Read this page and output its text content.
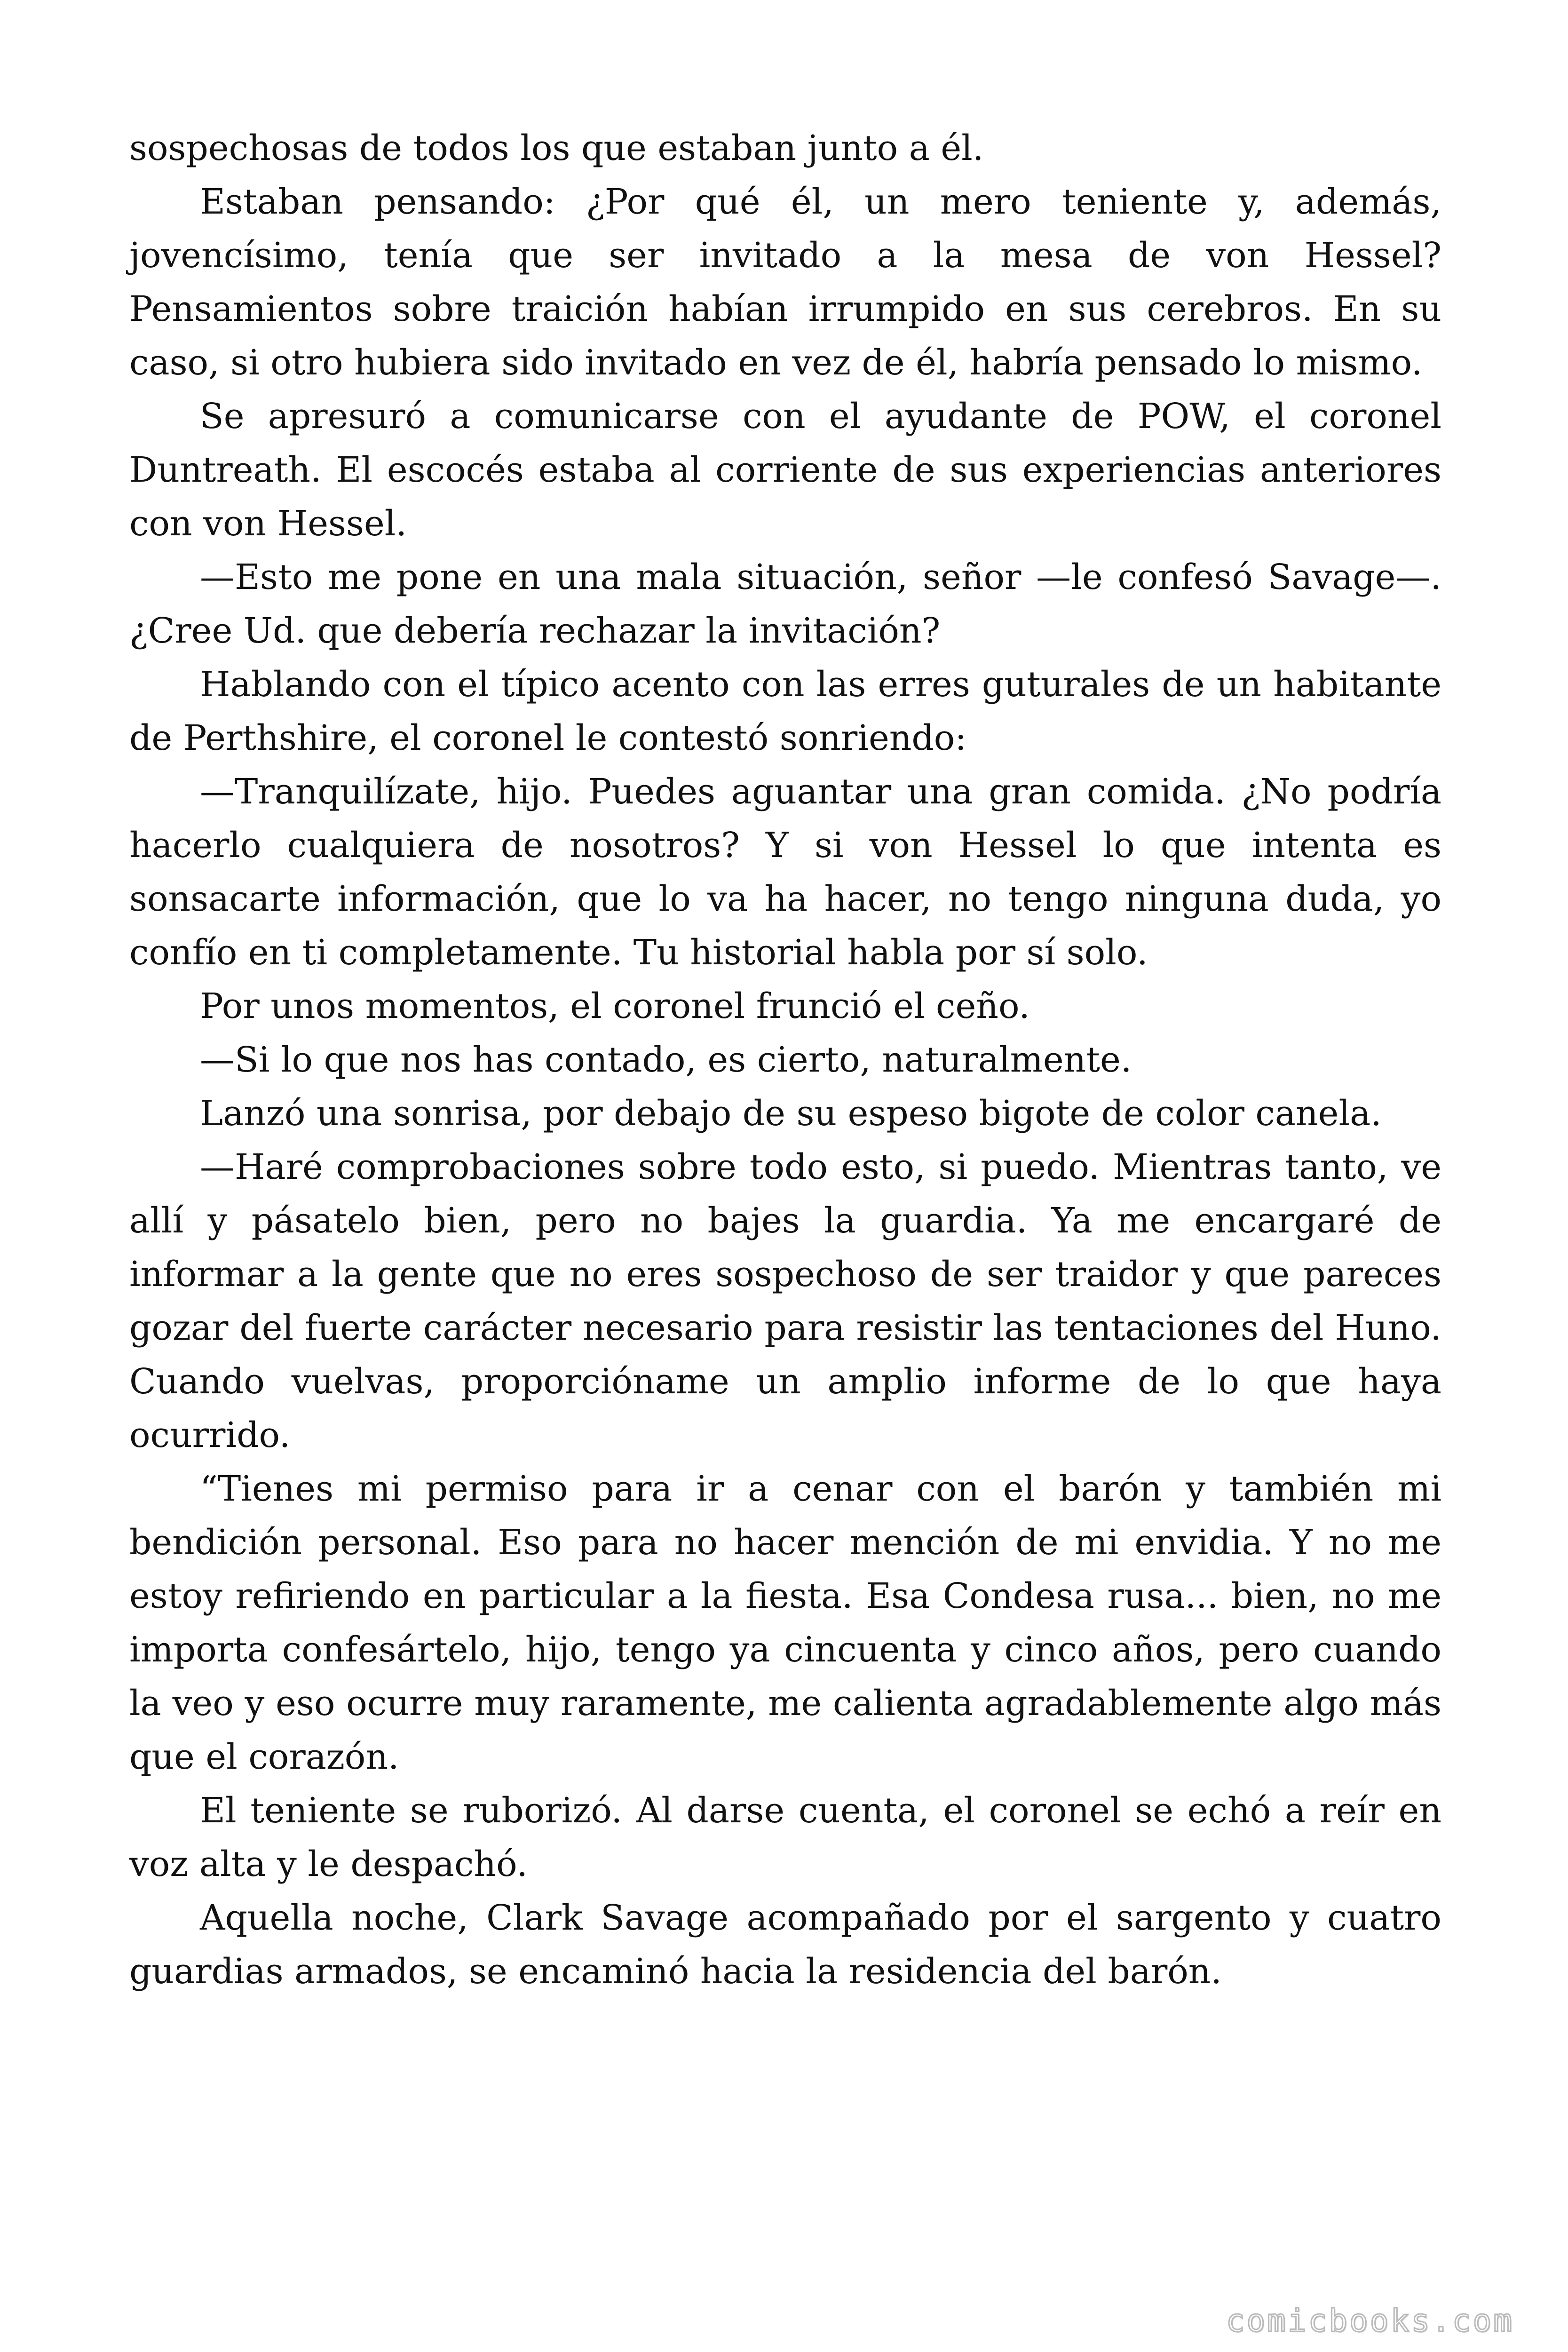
sospechosas de todos los que estaban junto a él.

Estaban pensando: ¿Por qué él, un mero teniente y, además, jovencísimo, tenía que ser invitado a la mesa de von Hessel? Pensamientos sobre traición habían irrumpido en sus cerebros. En su caso, si otro hubiera sido invitado en vez de él, habría pensado lo mismo.

Se apresuró a comunicarse con el ayudante de POW, el coronel Duntreath. El escocés estaba al corriente de sus experiencias anteriores con von Hessel.

—Esto me pone en una mala situación, señor —le confesó Savage—. ¿Cree Ud. que debería rechazar la invitación?

Hablando con el típico acento con las erres guturales de un habitante de Perthshire, el coronel le contestó sonriendo:

—Tranquilízate, hijo. Puedes aguantar una gran comida. ¿No podría hacerlo cualquiera de nosotros? Y si von Hessel lo que intenta es sonsacarte información, que lo va ha hacer, no tengo ninguna duda, yo confío en ti completamente. Tu historial habla por sí solo.

Por unos momentos, el coronel frunció el ceño.

—Si lo que nos has contado, es cierto, naturalmente.

Lanzó una sonrisa, por debajo de su espeso bigote de color canela.

—Haré comprobaciones sobre todo esto, si puedo. Mientras tanto, ve allí y pásatelo bien, pero no bajes la guardia. Ya me encargaré de informar a la gente que no eres sospechoso de ser traidor y que pareces gozar del fuerte carácter necesario para resistir las tentaciones del Huno. Cuando vuelvas, proporcióname un amplio informe de lo que haya ocurrido.

“Tienes mi permiso para ir a cenar con el barón y también mi bendición personal. Eso para no hacer mención de mi envidia. Y no me estoy refiriendo en particular a la fiesta. Esa Condesa rusa... bien, no me importa confesártelo, hijo, tengo ya cincuenta y cinco años, pero cuando la veo y eso ocurre muy raramente, me calienta agradablemente algo más que el corazón.

El teniente se ruborizó. Al darse cuenta, el coronel se echó a reír en voz alta y le despachó.

Aquella noche, Clark Savage acompañado por el sargento y cuatro guardias armados, se encaminó hacia la residencia del barón.

comicbooks.com
